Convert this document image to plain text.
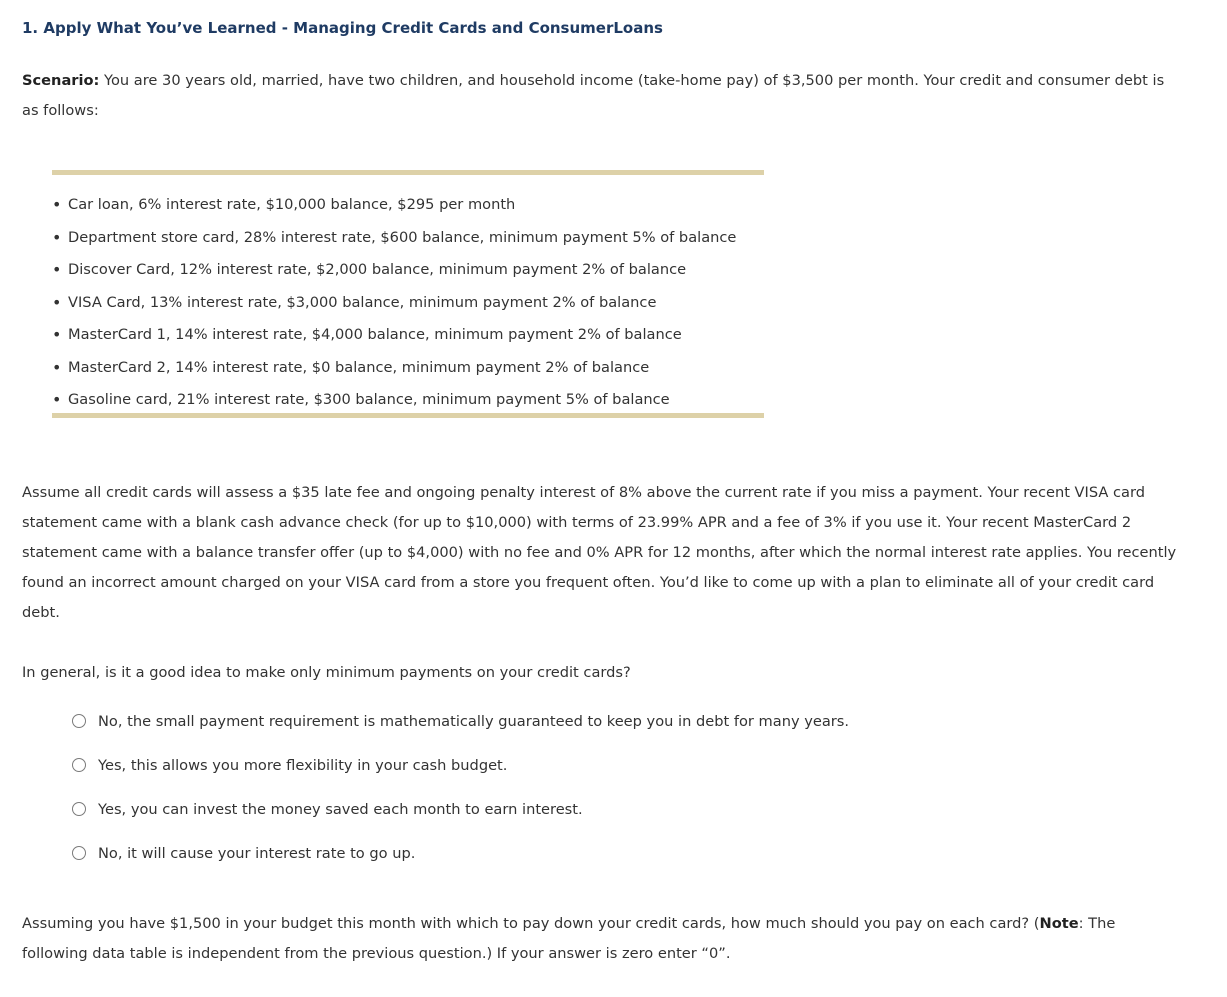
1. Apply What You’ve Learned - Managing Credit Cards and ConsumerLoans

Scenario: You are 30 years old, married, have two children, and household income (take-home pay) of $3,500 per month. Your credit and consumer debt is as follows:

• Car loan, 6% interest rate, $10,000 balance, $295 per month
• Department store card, 28% interest rate, $600 balance, minimum payment 5% of balance
• Discover Card, 12% interest rate, $2,000 balance, minimum payment 2% of balance
• VISA Card, 13% interest rate, $3,000 balance, minimum payment 2% of balance
• MasterCard 1, 14% interest rate, $4,000 balance, minimum payment 2% of balance
• MasterCard 2, 14% interest rate, $0 balance, minimum payment 2% of balance
• Gasoline card, 21% interest rate, $300 balance, minimum payment 5% of balance

Assume all credit cards will assess a $35 late fee and ongoing penalty interest of 8% above the current rate if you miss a payment. Your recent VISA card statement came with a blank cash advance check (for up to $10,000) with terms of 23.99% APR and a fee of 3% if you use it. Your recent MasterCard 2 statement came with a balance transfer offer (up to $4,000) with no fee and 0% APR for 12 months, after which the normal interest rate applies. You recently found an incorrect amount charged on your VISA card from a store you frequent often. You’d like to come up with a plan to eliminate all of your credit card debt.

In general, is it a good idea to make only minimum payments on your credit cards?

No, the small payment requirement is mathematically guaranteed to keep you in debt for many years.
Yes, this allows you more flexibility in your cash budget.
Yes, you can invest the money saved each month to earn interest.
No, it will cause your interest rate to go up.

Assuming you have $1,500 in your budget this month with which to pay down your credit cards, how much should you pay on each card? (Note: The following data table is independent from the previous question.) If your answer is zero enter “0”.
